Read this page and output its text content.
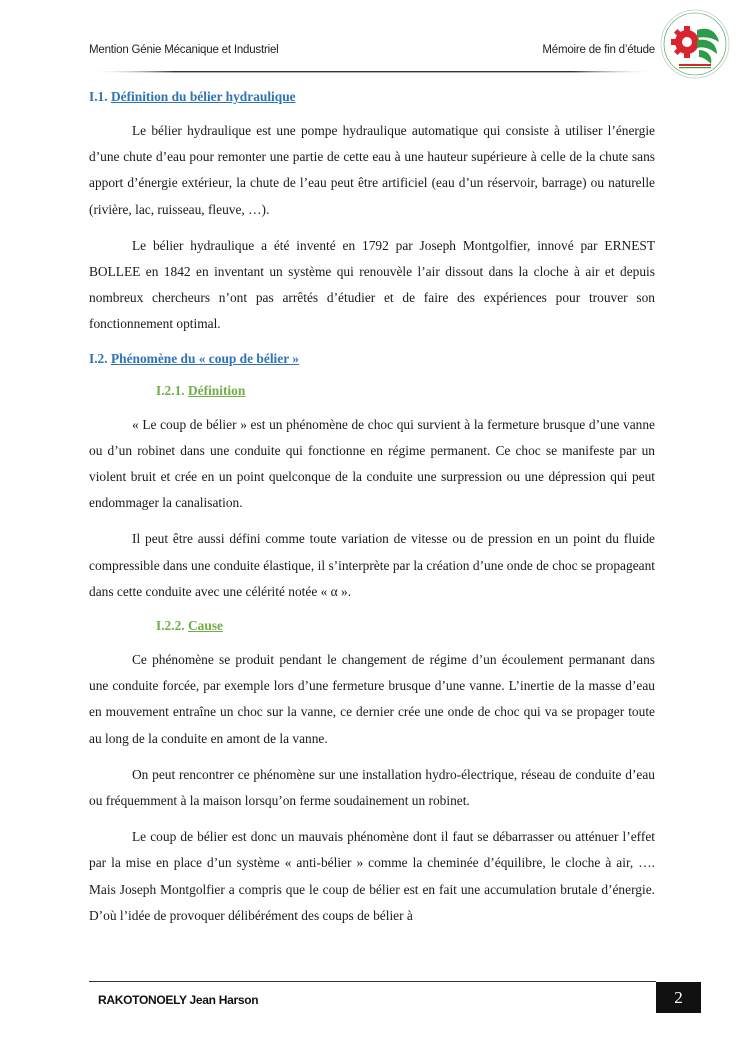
Mention Génie Mécanique et Industriel	Mémoire de fin d’étude
I.1. Définition du bélier hydraulique

Le bélier hydraulique est une pompe hydraulique automatique qui consiste à utiliser l’énergie d’une chute d’eau pour remonter une partie de cette eau à une hauteur supérieure à celle de la chute sans apport d’énergie extérieur, la chute de l’eau peut être artificiel (eau d’un réservoir, barrage) ou naturelle (rivière, lac, ruisseau, fleuve, …).

Le bélier hydraulique a été inventé en 1792 par Joseph Montgolfier, innové par ERNEST BOLLEE en 1842 en inventant un système qui renouvèle l’air dissout dans la cloche à air et depuis nombreux chercheurs n’ont pas arrêtés d’étudier et de faire des expériences pour trouver son fonctionnement optimal.

I.2. Phénomène du « coup de bélier »
I.2.1. Définition

« Le coup de bélier » est un phénomène de choc qui survient à la fermeture brusque d’une vanne ou d’un robinet dans une conduite qui fonctionne en régime permanent. Ce choc se manifeste par un violent bruit et crée en un point quelconque de la conduite une surpression ou une dépression qui peut endommager la canalisation.

Il peut être aussi défini comme toute variation de vitesse ou de pression en un point du fluide compressible dans une conduite élastique, il s’interprète par la création d’une onde de choc se propageant dans cette conduite avec une célérité notée « α ».

I.2.2. Cause

Ce phénomène se produit pendant le changement de régime d’un écoulement permanant dans une conduite forcée, par exemple lors d’une fermeture brusque d’une vanne. L’inertie de la masse d’eau en mouvement entraîne un choc sur la vanne, ce dernier crée une onde de choc qui va se propager toute au long de la conduite en amont de la vanne.

On peut rencontrer ce phénomène sur une installation hydro-électrique, réseau de conduite d’eau ou fréquemment à la maison lorsqu’on ferme soudainement un robinet.

Le coup de bélier est donc un mauvais phénomène dont il faut se débarrasser ou atténuer l’effet par la mise en place d’un système « anti-bélier » comme la cheminée d’équilibre, le cloche à air, …. Mais Joseph Montgolfier a compris que le coup de bélier est en fait une accumulation brutale d’énergie. D’où l’idée de provoquer délibérément des coups de bélier à

RAKOTONOELY Jean Harson	2
